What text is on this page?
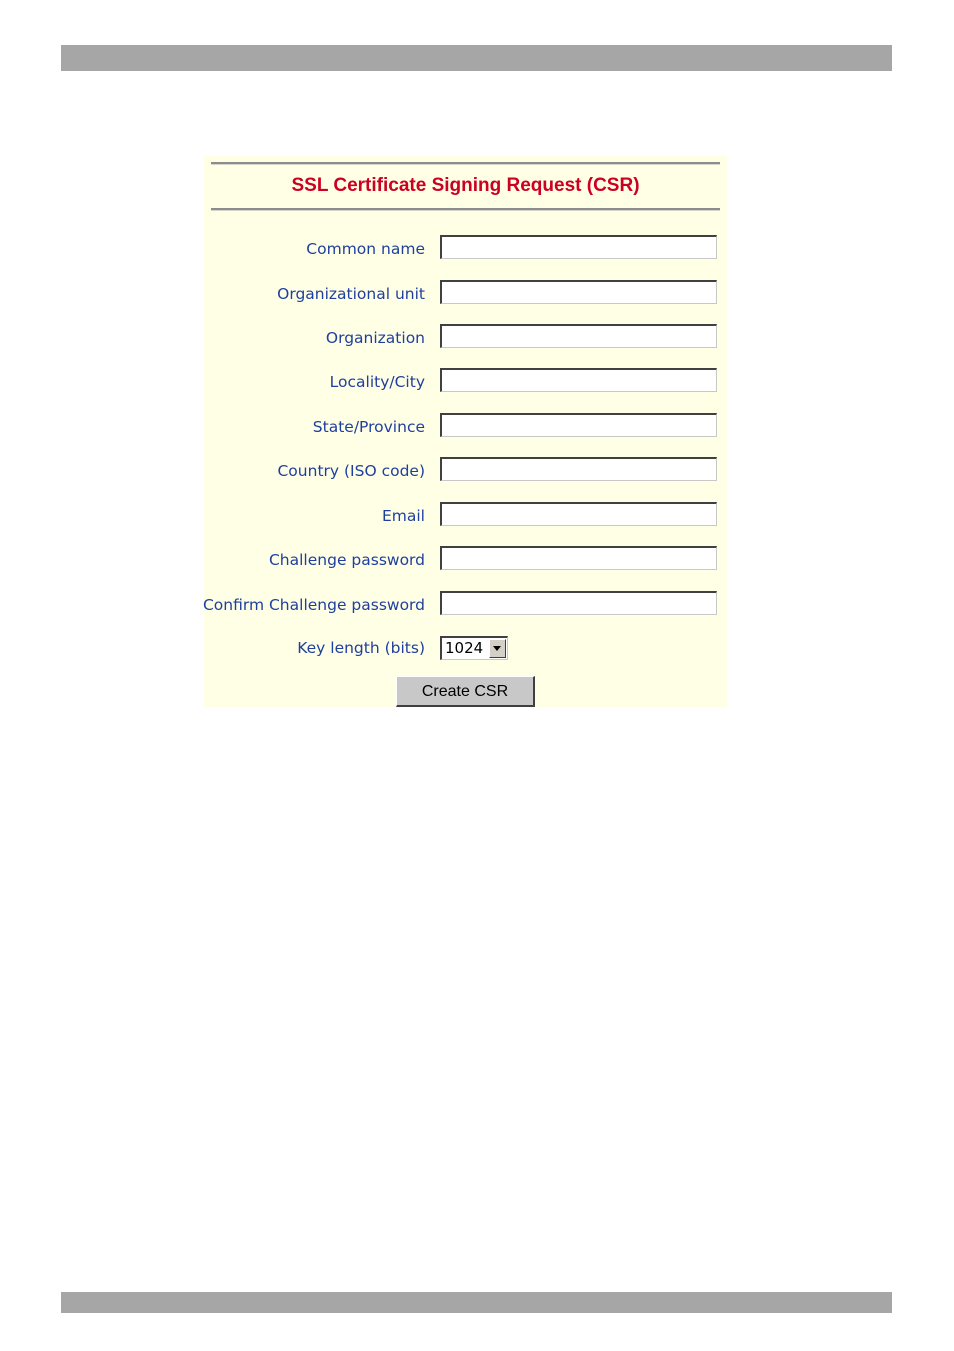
SSL Certificate Signing Request (CSR)
Common name
Organizational unit
Organization
Locality/City
State/Province
Country (ISO code)
Email
Challenge password
Confirm Challenge password
Key length (bits) 1024
Create CSR
